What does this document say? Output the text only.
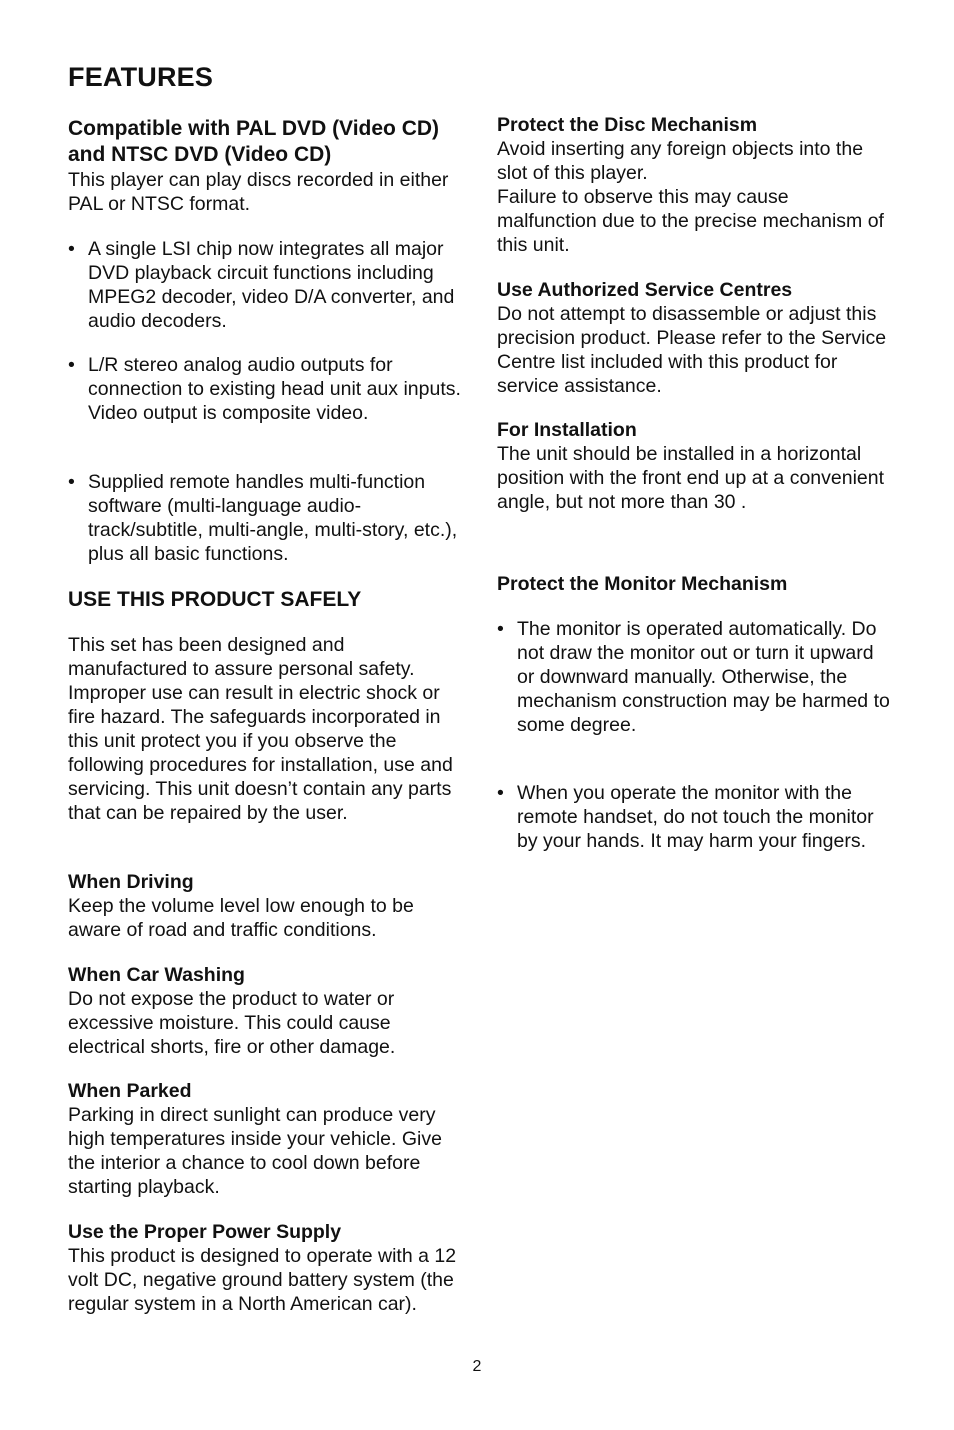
FEATURES
Compatible with PAL DVD (Video CD) and NTSC DVD (Video CD)

This player can play discs recorded in either PAL or NTSC format.

• A single LSI chip now integrates all major DVD playback circuit functions including MPEG2 decoder, video D/A converter, and audio decoders.
• L/R stereo analog audio outputs for connection to existing head unit aux inputs. Video output is composite video.
• Supplied remote handles multi-function software (multi-language audio-track/subtitle, multi-angle, multi-story, etc.), plus all basic functions.
USE THIS PRODUCT SAFELY

This set has been designed and manufactured to assure personal safety. Improper use can result in electric shock or fire hazard. The safeguards incorporated in this unit protect you if you observe the following procedures for installation, use and servicing. This unit doesn’t contain any parts that can be repaired by the user.

When Driving

Keep the volume level low enough to be aware of road and traffic conditions.

When Car Washing

Do not expose the product to water or excessive moisture. This could cause electrical shorts, fire or other damage.

When Parked

Parking in direct sunlight can produce very high temperatures inside your vehicle. Give the interior a chance to cool down before starting playback.

Use the Proper Power Supply

This product is designed to operate with a 12 volt DC, negative ground battery system (the regular system in a North American car).

Protect the Disc Mechanism

Avoid inserting any foreign objects into the slot of this player.

Failure to observe this may cause malfunction due to the precise mechanism of this unit.

Use Authorized Service Centres

Do not attempt to disassemble or adjust this precision product. Please refer to the Service Centre list included with this product for service assistance.

For Installation

The unit should be installed in a horizontal position with the front end up at a convenient angle, but not more than 30 .

Protect the Monitor Mechanism
• The monitor is operated automatically. Do not draw the monitor out or turn it upward or downward manually. Otherwise, the mechanism construction may be harmed to some degree.
• When you operate the monitor with the remote handset, do not touch the monitor by your hands. It may harm your fingers.
2
